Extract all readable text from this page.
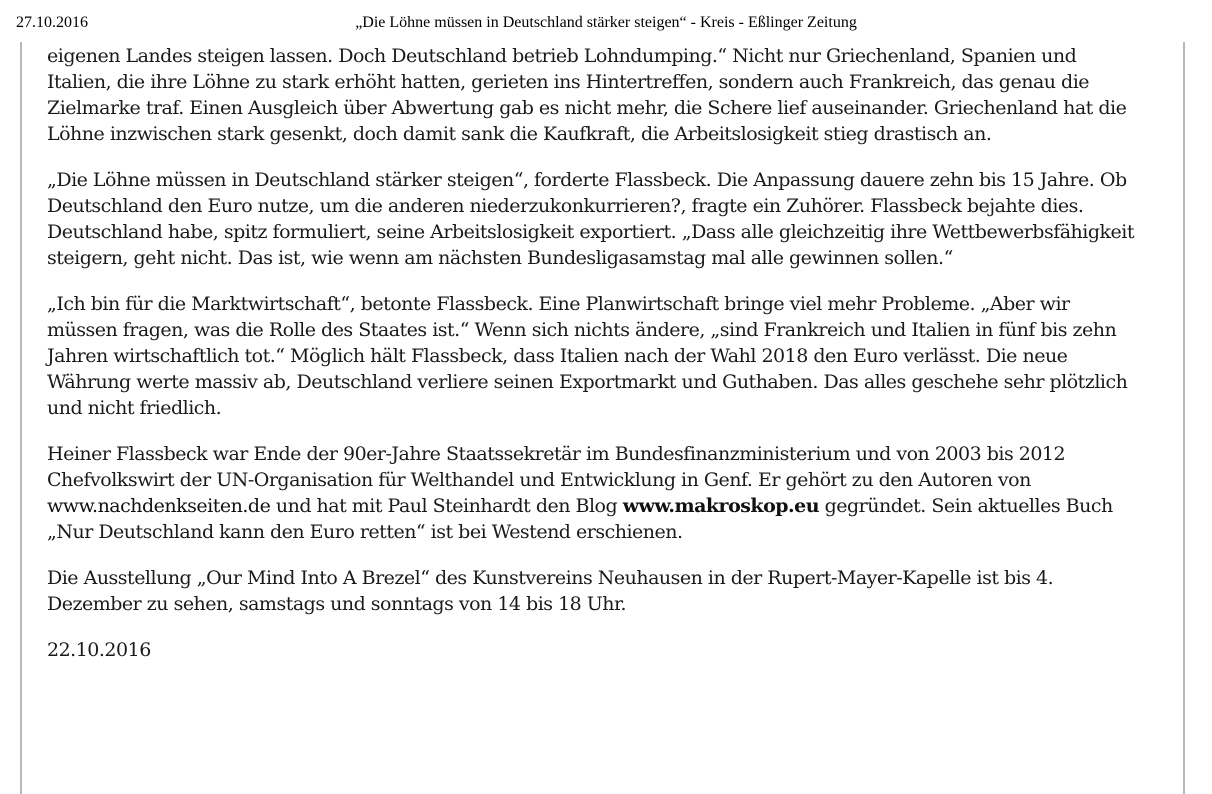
27.10.2016	„Die Löhne müssen in Deutschland stärker steigen“ - Kreis - Eßlinger Zeitung

eigenen Landes steigen lassen. Doch Deutschland betrieb Lohndumping.“ Nicht nur Griechenland, Spanien und Italien, die ihre Löhne zu stark erhöht hatten, gerieten ins Hintertreffen, sondern auch Frankreich, das genau die Zielmarke traf. Einen Ausgleich über Abwertung gab es nicht mehr, die Schere lief auseinander. Griechenland hat die Löhne inzwischen stark gesenkt, doch damit sank die Kaufkraft, die Arbeitslosigkeit stieg drastisch an.

„Die Löhne müssen in Deutschland stärker steigen“, forderte Flassbeck. Die Anpassung dauere zehn bis 15 Jahre. Ob Deutschland den Euro nutze, um die anderen niederzukonkurrieren?, fragte ein Zuhörer. Flassbeck bejahte dies. Deutschland habe, spitz formuliert, seine Arbeitslosigkeit exportiert. „Dass alle gleichzeitig ihre Wettbewerbsfähigkeit steigern, geht nicht. Das ist, wie wenn am nächsten Bundesligasamstag mal alle gewinnen sollen.“

„Ich bin für die Marktwirtschaft“, betonte Flassbeck. Eine Planwirtschaft bringe viel mehr Probleme. „Aber wir müssen fragen, was die Rolle des Staates ist.“ Wenn sich nichts ändere, „sind Frankreich und Italien in fünf bis zehn Jahren wirtschaftlich tot.“ Möglich hält Flassbeck, dass Italien nach der Wahl 2018 den Euro verlässt. Die neue Währung werte massiv ab, Deutschland verliere seinen Exportmarkt und Guthaben. Das alles geschehe sehr plötzlich und nicht friedlich.

Heiner Flassbeck war Ende der 90er-Jahre Staatssekretär im Bundesfinanzministerium und von 2003 bis 2012 Chefvolkswirt der UN-Organisation für Welthandel und Entwicklung in Genf. Er gehört zu den Autoren von www.nachdenkseiten.de und hat mit Paul Steinhardt den Blog www.makroskop.eu gegründet. Sein aktuelles Buch „Nur Deutschland kann den Euro retten“ ist bei Westend erschienen.

Die Ausstellung „Our Mind Into A Brezel“ des Kunstvereins Neuhausen in der Rupert-Mayer-Kapelle ist bis 4. Dezember zu sehen, samstags und sonntags von 14 bis 18 Uhr.

22.10.2016
